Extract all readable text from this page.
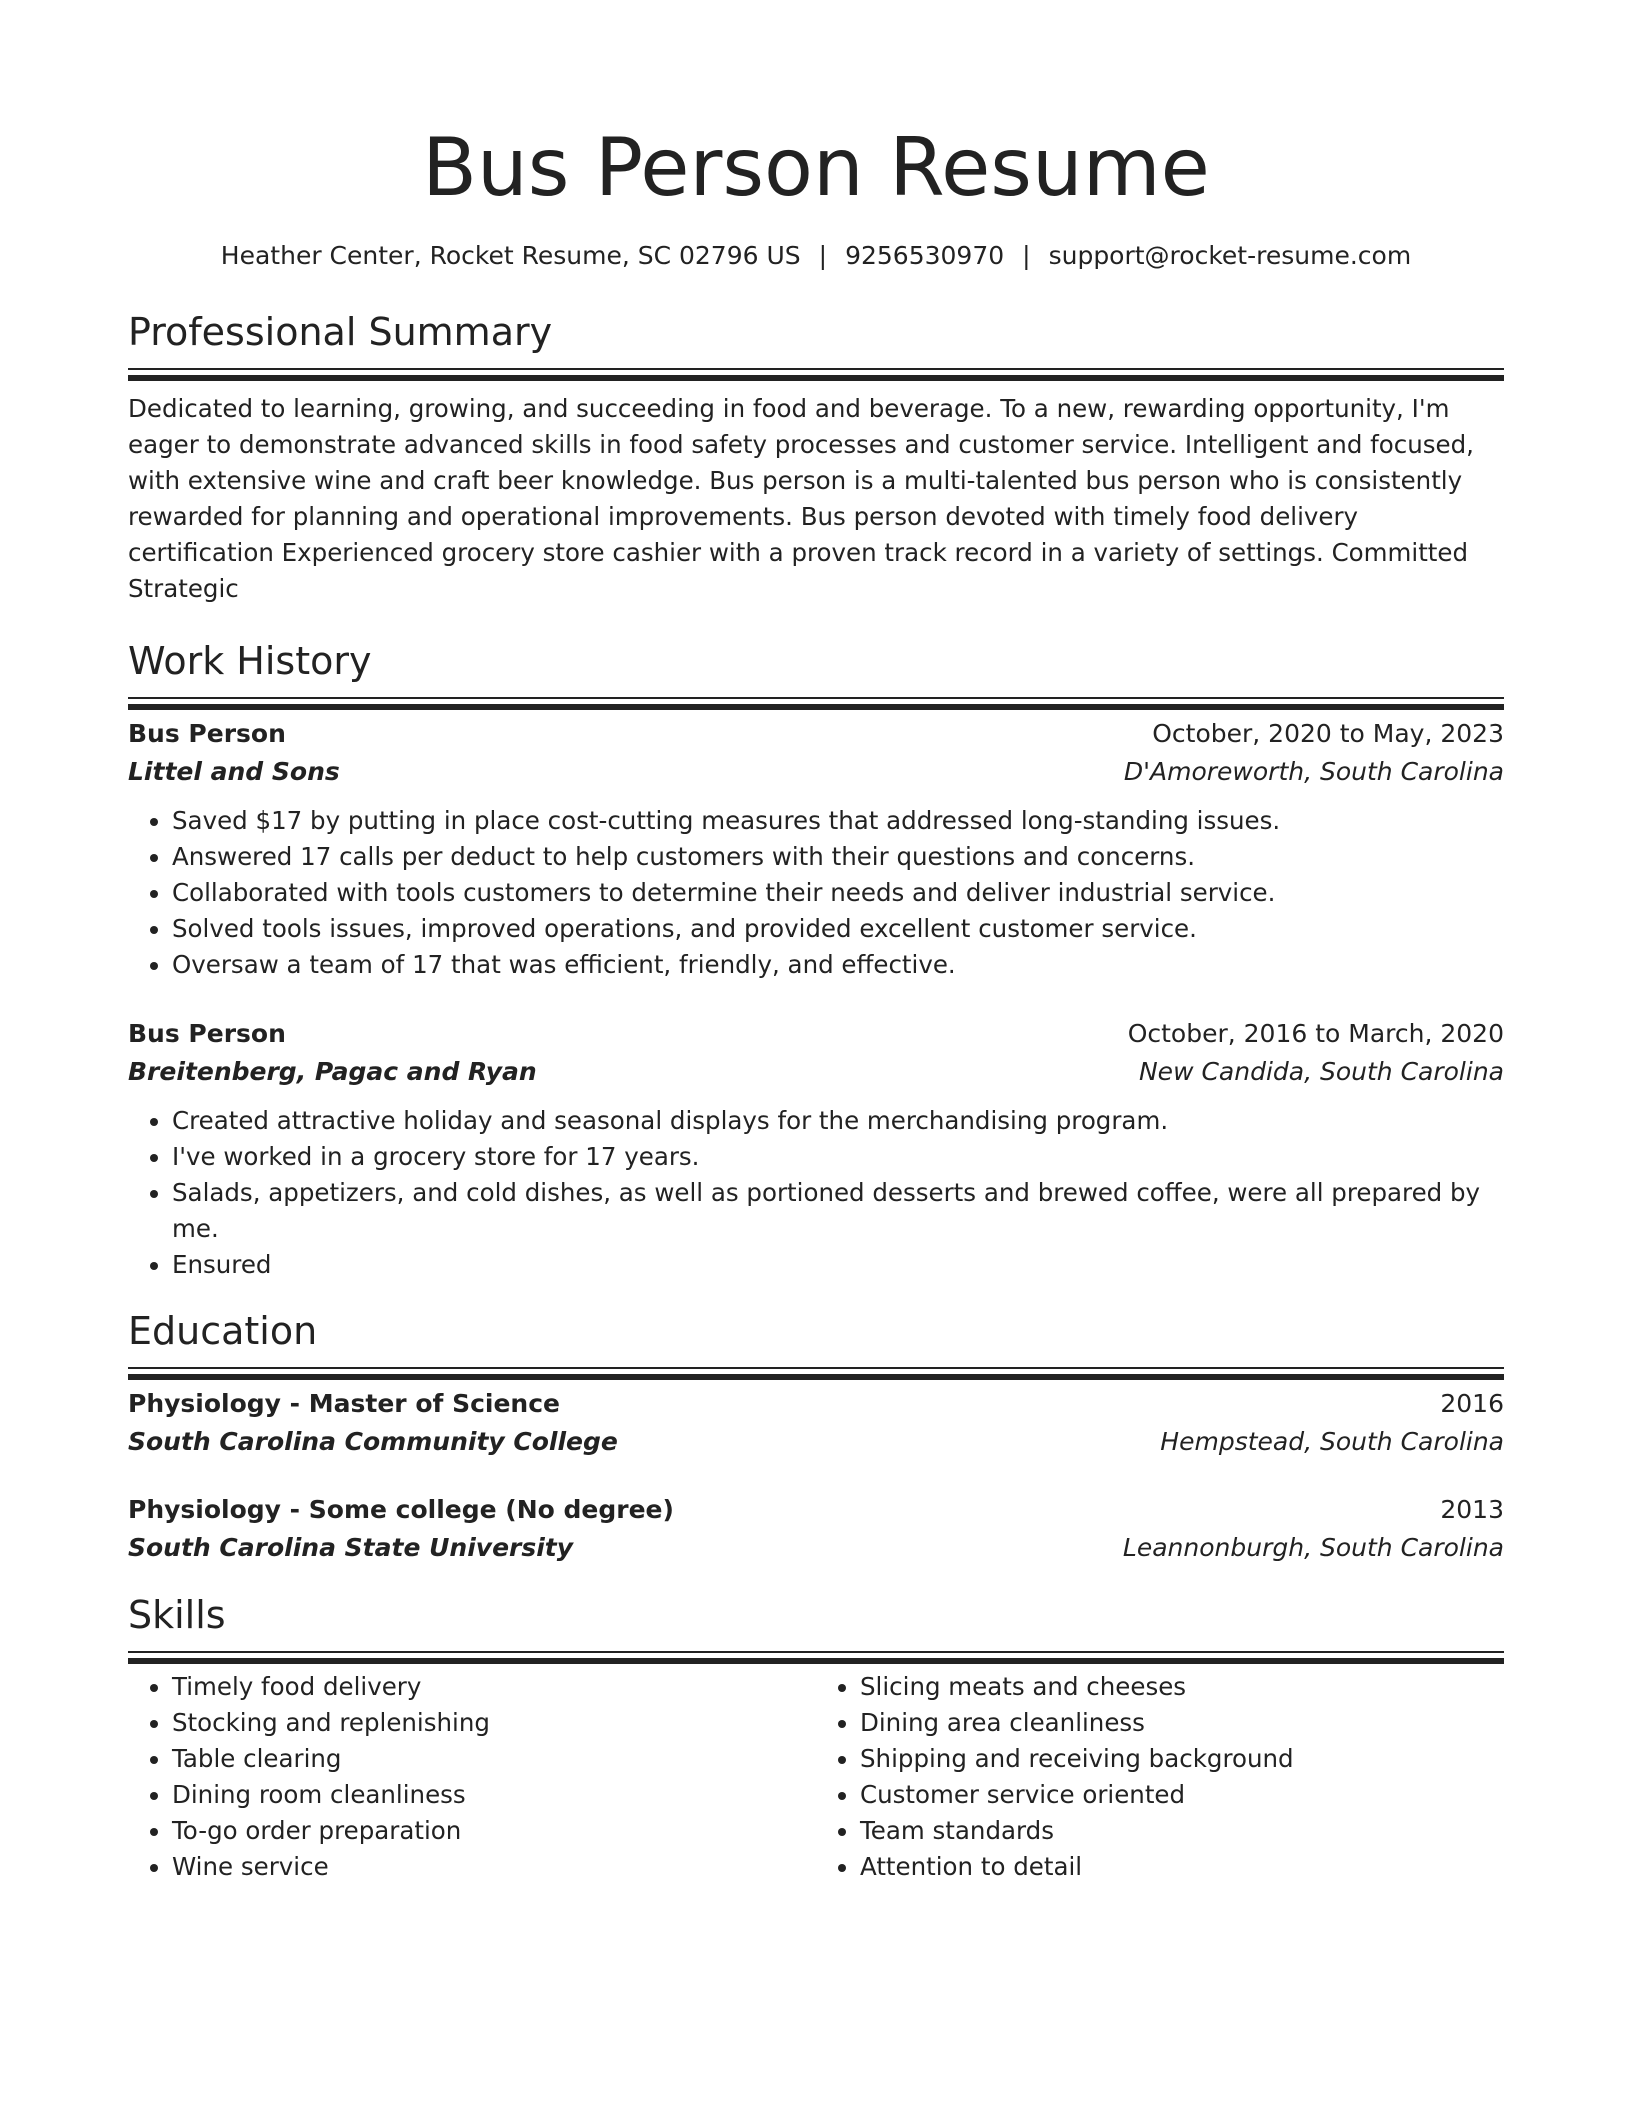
Bus Person Resume
Heather Center, Rocket Resume, SC 02796 US | 9256530970 | support@rocket-resume.com
Professional Summary

Dedicated to learning, growing, and succeeding in food and beverage. To a new, rewarding opportunity, I'm eager to demonstrate advanced skills in food safety processes and customer service. Intelligent and focused, with extensive wine and craft beer knowledge. Bus person is a multi-talented bus person who is consistently rewarded for planning and operational improvements. Bus person devoted with timely food delivery certification Experienced grocery store cashier with a proven track record in a variety of settings. Committed Strategic

Work History
Bus Person	October, 2020 to May, 2023
Littel and Sons	D'Amoreworth, South Carolina
• Saved $17 by putting in place cost-cutting measures that addressed long-standing issues.
• Answered 17 calls per deduct to help customers with their questions and concerns.
• Collaborated with tools customers to determine their needs and deliver industrial service.
• Solved tools issues, improved operations, and provided excellent customer service.
• Oversaw a team of 17 that was efficient, friendly, and effective.
Bus Person	October, 2016 to March, 2020
Breitenberg, Pagac and Ryan	New Candida, South Carolina
• Created attractive holiday and seasonal displays for the merchandising program.
• I've worked in a grocery store for 17 years.
• Salads, appetizers, and cold dishes, as well as portioned desserts and brewed coffee, were all prepared by me.
• Ensured
Education
Physiology - Master of Science	2016
South Carolina Community College	Hempstead, South Carolina
Physiology - Some college (No degree)	2013
South Carolina State University	Leannonburgh, South Carolina
Skills
• Timely food delivery
• Stocking and replenishing
• Table clearing
• Dining room cleanliness
• To-go order preparation
• Wine service
• Slicing meats and cheeses
• Dining area cleanliness
• Shipping and receiving background
• Customer service oriented
• Team standards
• Attention to detail
